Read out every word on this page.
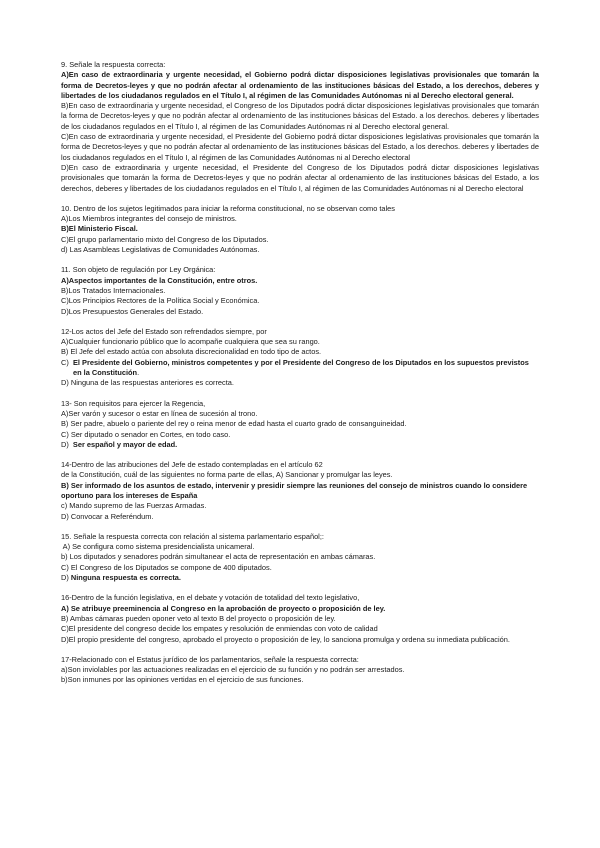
9. Señale la respuesta correcta:
A)En caso de extraordinaria y urgente necesidad, el Gobierno podrá dictar disposiciones legislativas provisionales que tomarán la forma de Decretos-leyes y que no podrán afectar al ordenamiento de las instituciones básicas del Estado, a los derechos, deberes y libertades de los ciudadanos regulados en el Título I, al régimen de las Comunidades Autónomas ni al Derecho electoral general.
B)En caso de extraordinaria y urgente necesidad, el Congreso de los Diputados podrá dictar disposiciones legislativas provisionales que tomarán la forma de Decretos-leyes y que no podrán afectar al ordenamiento de las instituciones básicas del Estado. a los derechos. deberes y libertades de los ciudadanos regulados en el Título I, al régimen de las Comunidades Autónomas ni al Derecho electoral general.
C)En caso de extraordinaria y urgente necesidad, el Presidente del Gobierno podrá dictar disposiciones legislativas provisionales que tomarán la forma de Decretos-leyes y que no podrán afectar al ordenamiento de las instituciones básicas del Estado, a los derechos. deberes y libertades de los ciudadanos regulados en el Título I, al régimen de las Comunidades Autónomas ni al Derecho electoral
D)En caso de extraordinaria y urgente necesidad, el Presidente del Congreso de los Diputados podrá dictar disposiciones legislativas provisionales que tomarán la forma de Decretos-leyes y que no podrán afectar al ordenamiento de las instituciones básicas del Estado, a los derechos, deberes y libertades de los ciudadanos regulados en el Título I, al régimen de las Comunidades Autónomas ni al Derecho electoral
10. Dentro de los sujetos legitimados para iniciar la reforma constitucional, no se observan como tales
A)Los Miembros integrantes del consejo de ministros.
B)El Ministerio Fiscal.
C)El grupo parlamentario mixto del Congreso de los Diputados.
d) Las Asambleas Legislativas de Comunidades Autónomas.
11. Son objeto de regulación por Ley Orgánica:
A)Aspectos importantes de la Constitución, entre otros.
B)Los Tratados Internacionales.
C)Los Principios Rectores de la Política Social y Económica.
D)Los Presupuestos Generales del Estado.
12-Los actos del Jefe del Estado son refrendados siempre, por
A)Cualquier funcionario público que lo acompañe cualquiera que sea su rango.
B) El Jefe del estado actúa con absoluta discrecionalidad en todo tipo de actos.
C) El Presidente del Gobierno, ministros competentes y por el Presidente del Congreso de los Diputados en los supuestos previstos en la Constitución.
D) Ninguna de las respuestas anteriores es correcta.
13- Son requisitos para ejercer la Regencia,
A)Ser varón y sucesor o estar en línea de sucesión al trono.
B) Ser padre, abuelo o pariente del rey o reina menor de edad hasta el cuarto grado de consanguineidad.
C) Ser diputado o senador en Cortes, en todo caso.
D)  Ser español y mayor de edad.
14-Dentro de las atribuciones del Jefe de estado contempladas en el artículo 62
de la Constitución, cuál de las siguientes no forma parte de ellas, A) Sancionar y promulgar las leyes.
B) Ser informado de los asuntos de estado, intervenir y presidir siempre las reuniones del consejo de ministros cuando lo considere oportuno para los intereses de España
c) Mando supremo de las Fuerzas Armadas.
D) Convocar a Referéndum.
15. Señale la respuesta correcta con relación al sistema parlamentario español;:
A) Se configura como sistema presidencialista unicameral.
b) Los diputados y senadores podrán simultanear el acta de representación en ambas cámaras.
C) El Congreso de los Diputados se compone de 400 diputados.
D) Ninguna respuesta es correcta.
16-Dentro de la función legislativa, en el debate y votación de totalidad del texto legislativo,
A) Se atribuye preeminencia al Congreso en la aprobación de proyecto o proposición de ley.
B) Ambas cámaras pueden oponer veto al texto B del proyecto o proposición de ley.
C)El presidente del congreso decide los empates y resolución de enmiendas con voto de calidad
D)El propio presidente del congreso, aprobado el proyecto o proposición de ley, lo sanciona promulga y ordena su inmediata publicación.
17-Relacionado con el Estatus jurídico de los parlamentarios, señale la respuesta correcta:
a)Son inviolables por las actuaciones realizadas en el ejercicio de su función y no podrán ser arrestados.
b)Son inmunes por las opiniones vertidas en el ejercicio de sus funciones.
